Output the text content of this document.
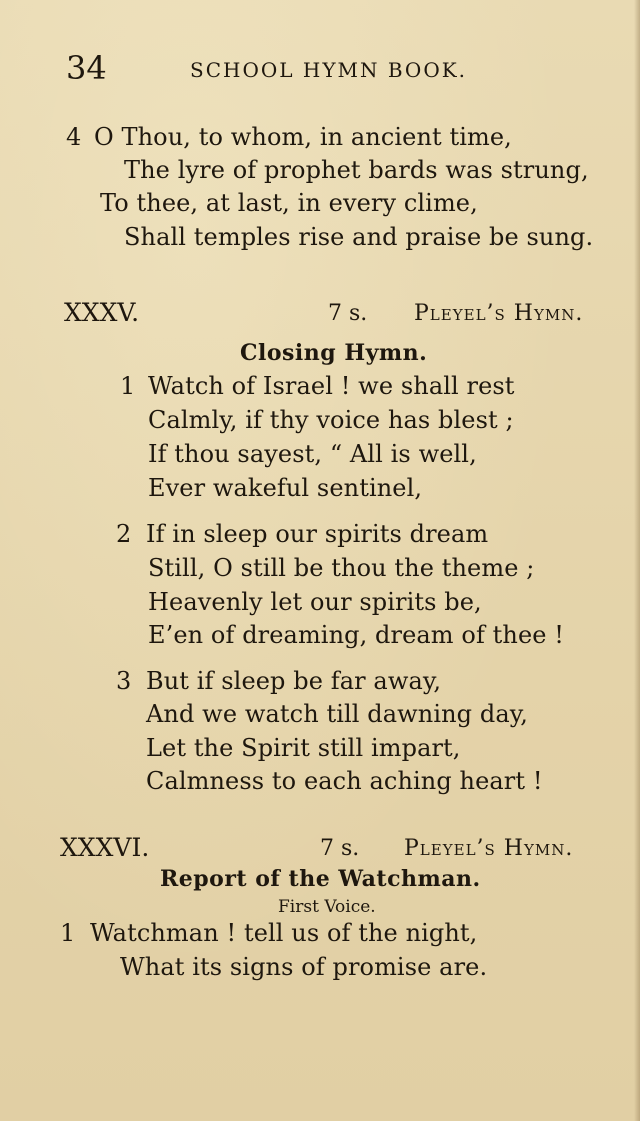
34	SCHOOL HYMN BOOK.
4 O Thou, to whom, in ancient time,
The lyre of prophet bards was strung,
To thee, at last, in every clime,
Shall temples rise and praise be sung.
XXXV.	7 s. Pleyel’s Hymn.
Closing Hymn.
1 Watch of Israel ! we shall rest
Calmly, if thy voice has blest ;
If thou sayest, “ All is well,
Ever wakeful sentinel,
2 If in sleep our spirits dream
Still, O still be thou the theme ;
Heavenly let our spirits be,
E’en of dreaming, dream of thee !
3 But if sleep be far away,
And we watch till dawning day,
Let the Spirit still impart,
Calmness to each aching heart !
XXXVI.	7 s. Pleyel’s Hymn.
Report of the Watchman.
First Voice.
1 Watchman ! tell us of the night,
What its signs of promise are.
